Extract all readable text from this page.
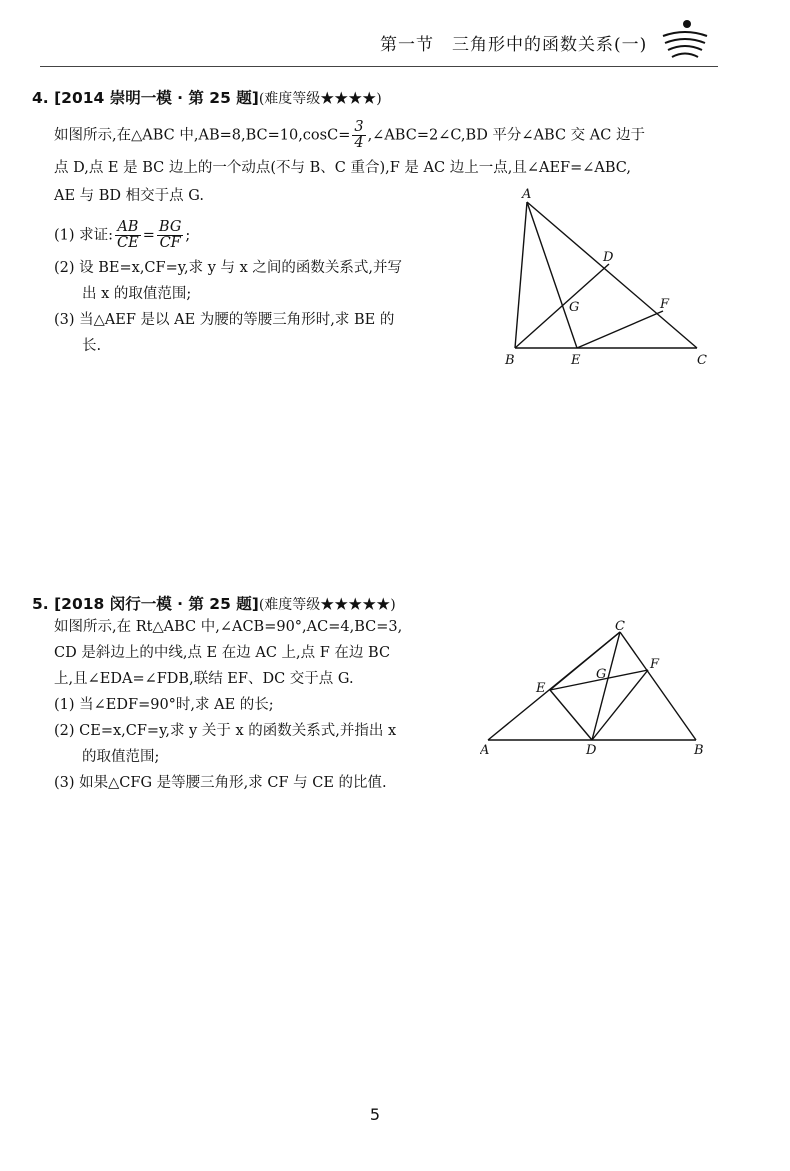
第一节　三角形中的函数关系(一)
4. [2014 崇明一模 · 第 25 题](难度等级★★★★)
如图所示,在△ABC 中$,AB=8,BC=10,\cos C= \frac{3}{4}$ ,∠ABC=2∠C,BD 平分∠ABC 交 AC 边于
点 D,点 E 是 BC 边上的一个动点(不与 B、C 重合),F 是 AC 边上一点,且∠AEF=∠ABC,
AE 与 BD 相交于点 G.
(1) 求证: $\frac{AB}{CE} = \frac{BG}{CF}$ ;
(2) 设 BE=x,CF=y,求 y 与 x 之间的函数关系式,并写
出 x 的取值范围;
(3) 当△AEF 是以 AE 为腰的等腰三角形时,求 BE 的
长.
A
B	C
D
E
F
G
5. [2018 闵行一模 · 第 25 题](难度等级★★★★★)
如图所示,在 Rt△ABC 中,∠ACB=90°,AC=4,BC=3,
CD 是斜边上的中线,点 E 在边 AC 上,点 F 在边 BC
上,且∠EDA=∠FDB,联结 EF、DC 交于点 G.
(1) 当∠EDF=90°时,求 AE 的长;
(2) CE=x,CF=y,求 y 关于 x 的函数关系式,并指出 x
的取值范围;
(3) 如果△CFG 是等腰三角形,求 CF 与 CE 的比值.
A	B
C
D
E
F
G
5
